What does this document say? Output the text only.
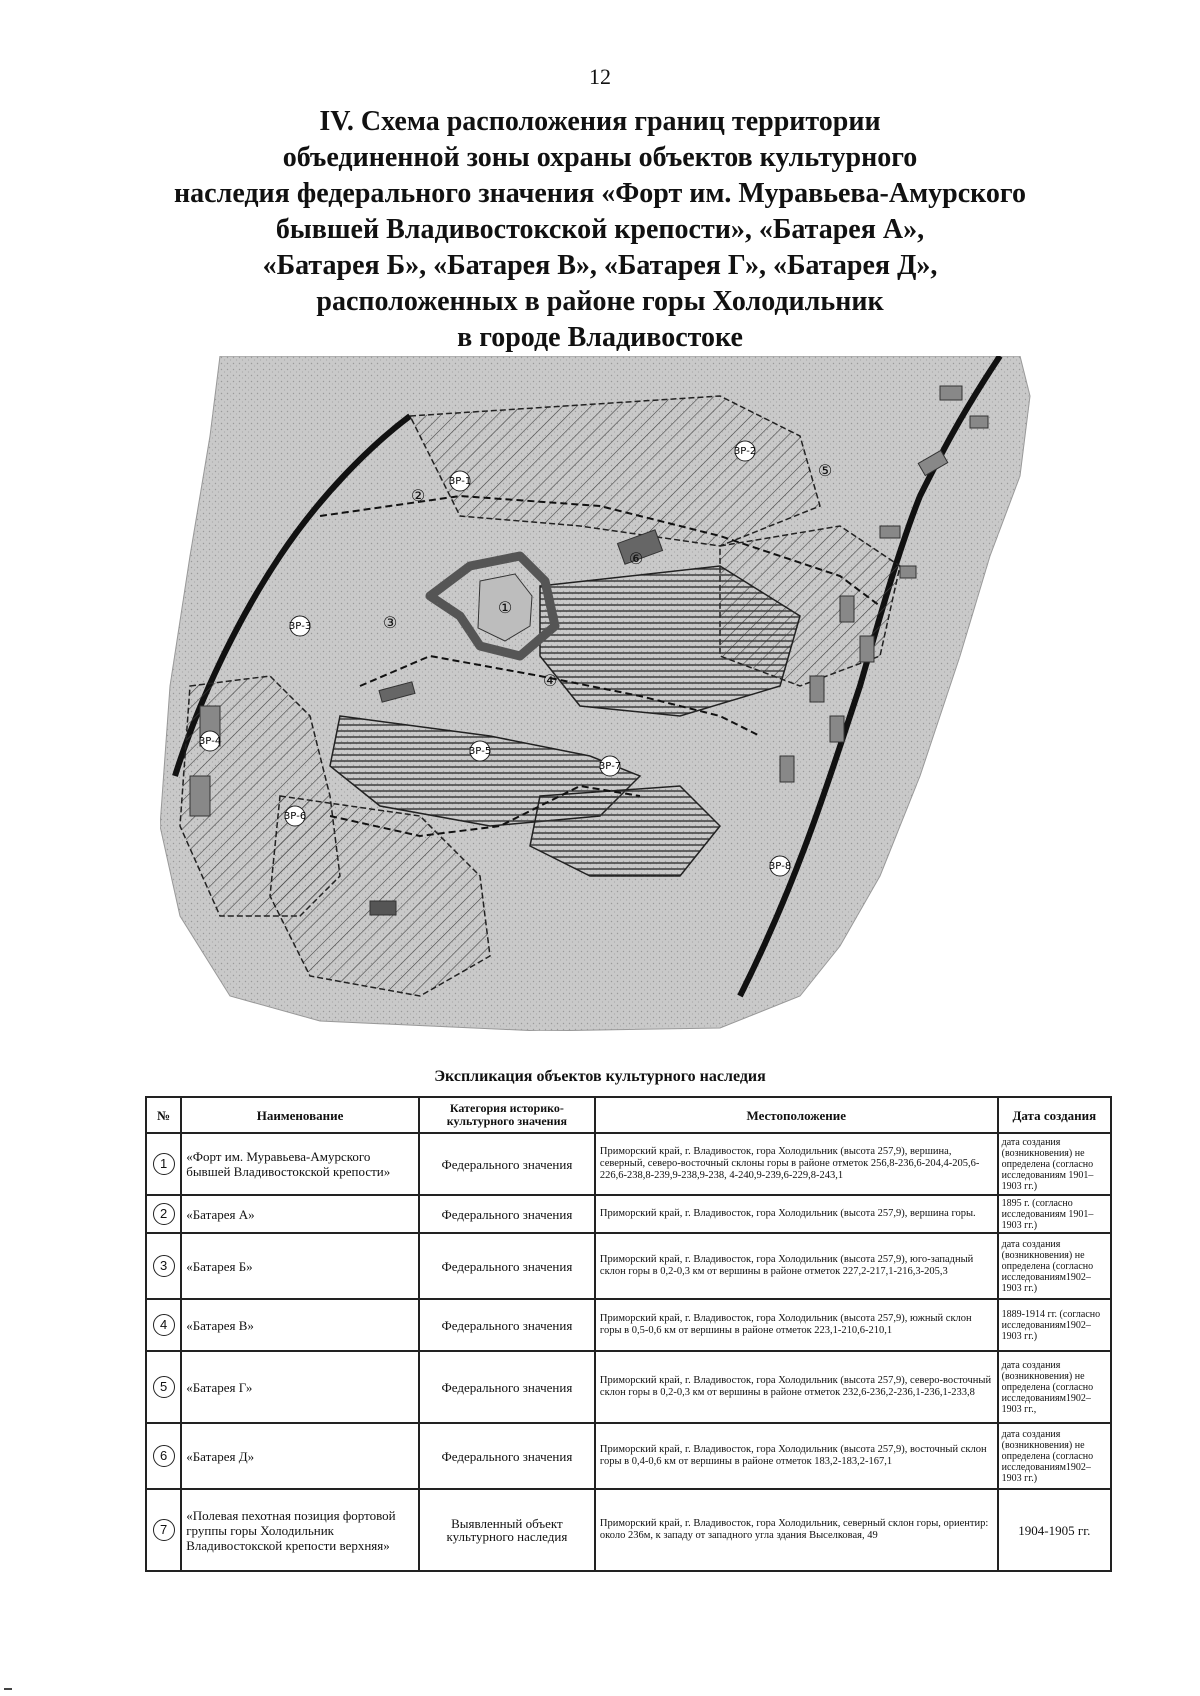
12
IV. Схема расположения границ территории
объединенной зоны охраны объектов культурного
наследия федерального значения «Форт им. Муравьева-Амурского
бывшей Владивостокской крепости», «Батарея А»,
«Батарея Б», «Батарея В», «Батарея Г», «Батарея Д»,
расположенных в районе горы Холодильник
в городе Владивостоке
ЗР-1
ЗР-2
ЗР-3
ЗР-4
ЗР-5
ЗР-6
ЗР-7
ЗР-8
①
②
③
④
⑤
⑥
Экспликация объектов культурного наследия
№	Наименование	Категория историко-культурного значения	Местоположение	Дата создания
1	«Форт им. Муравьева-Амурского бывшей Владивостокской крепости»	Федерального значения	Приморский край, г. Владивосток, гора Холодильник (высота 257,9), вершина, северный, северо-восточный склоны горы в районе отметок 256,8-236,6-204,4-205,6-226,6-238,8-239,9-238,9-238, 4-240,9-239,6-229,8-243,1	дата создания (возникновения) не определена (согласно исследованиям 1901–1903 гг.)
2	«Батарея А»	Федерального значения	Приморский край, г. Владивосток, гора Холодильник (высота 257,9), вершина горы.	1895 г. (согласно исследованиям 1901–1903 гг.)
3	«Батарея Б»	Федерального значения	Приморский край, г. Владивосток, гора Холодильник (высота 257,9), юго-западный склон горы в 0,2-0,3 км от вершины в районе отметок 227,2-217,1-216,3-205,3	дата создания (возникновения) не определена (согласно исследованиям1902–1903 гг.)
4	«Батарея В»	Федерального значения	Приморский край, г. Владивосток, гора Холодильник (высота 257,9), южный склон горы в 0,5-0,6 км от вершины в районе отметок 223,1-210,6-210,1	1889-1914 гг. (согласно исследованиям1902–1903 гг.)
5	«Батарея Г»	Федерального значения	Приморский край, г. Владивосток, гора Холодильник (высота 257,9), северо-восточный склон горы в 0,2-0,3 км от вершины в районе отметок 232,6-236,2-236,1-236,1-233,8	дата создания (возникновения) не определена (согласно исследованиям1902–1903 гг.,
6	«Батарея Д»	Федерального значения	Приморский край, г. Владивосток, гора Холодильник (высота 257,9), восточный склон горы в 0,4-0,6 км от вершины в районе отметок 183,2-183,2-167,1	дата создания (возникновения) не определена (согласно исследованиям1902–1903 гг.)
7	«Полевая пехотная позиция фортовой группы горы Холодильник Владивостокской крепости верхняя»	Выявленный объект культурного наследия	Приморский край, г. Владивосток, гора Холодильник, северный склон горы, ориентир: около 236м, к западу от западного угла здания Выселковая, 49	1904-1905 гг.
